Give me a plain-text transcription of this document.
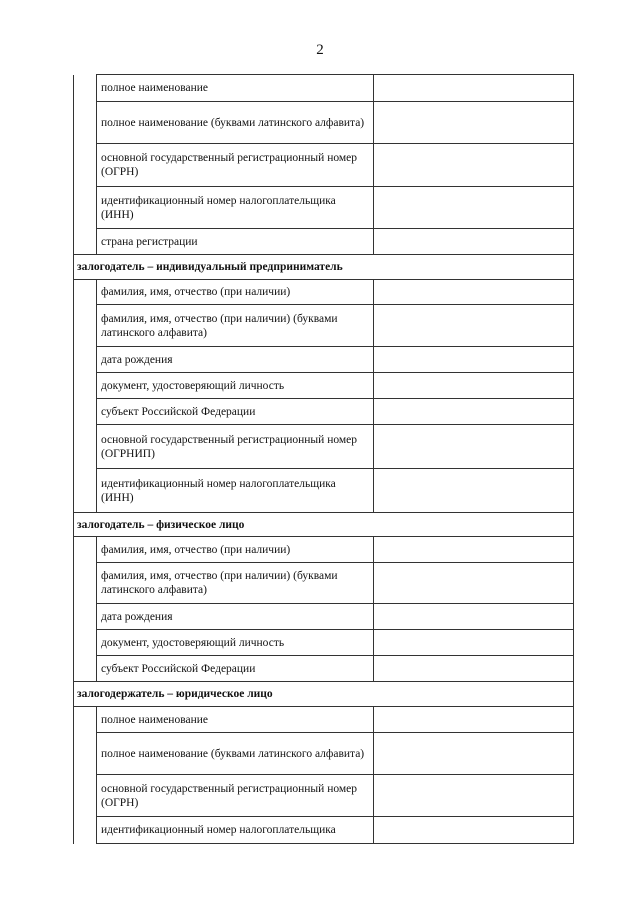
2
	полное наименование	
	полное наименование (буквами латинского алфавита)	
	основной государственный регистрационный номер (ОГРН)	
	идентификационный номер налогоплательщика (ИНН)	
	страна регистрации	
залогодатель – индивидуальный предприниматель		
	фамилия, имя, отчество (при наличии)	
	фамилия, имя, отчество (при наличии) (буквами латинского алфавита)	
	дата рождения	
	документ, удостоверяющий личность	
	субъект Российской Федерации	
	основной государственный регистрационный номер (ОГРНИП)	
	идентификационный номер налогоплательщика (ИНН)	
залогодатель – физическое лицо		
	фамилия, имя, отчество (при наличии)	
	фамилия, имя, отчество (при наличии) (буквами латинского алфавита)	
	дата рождения	
	документ, удостоверяющий личность	
	субъект Российской Федерации	
залогодержатель – юридическое лицо		
	полное наименование	
	полное наименование (буквами латинского алфавита)	
	основной государственный регистрационный номер (ОГРН)	
	идентификационный номер налогоплательщика	
